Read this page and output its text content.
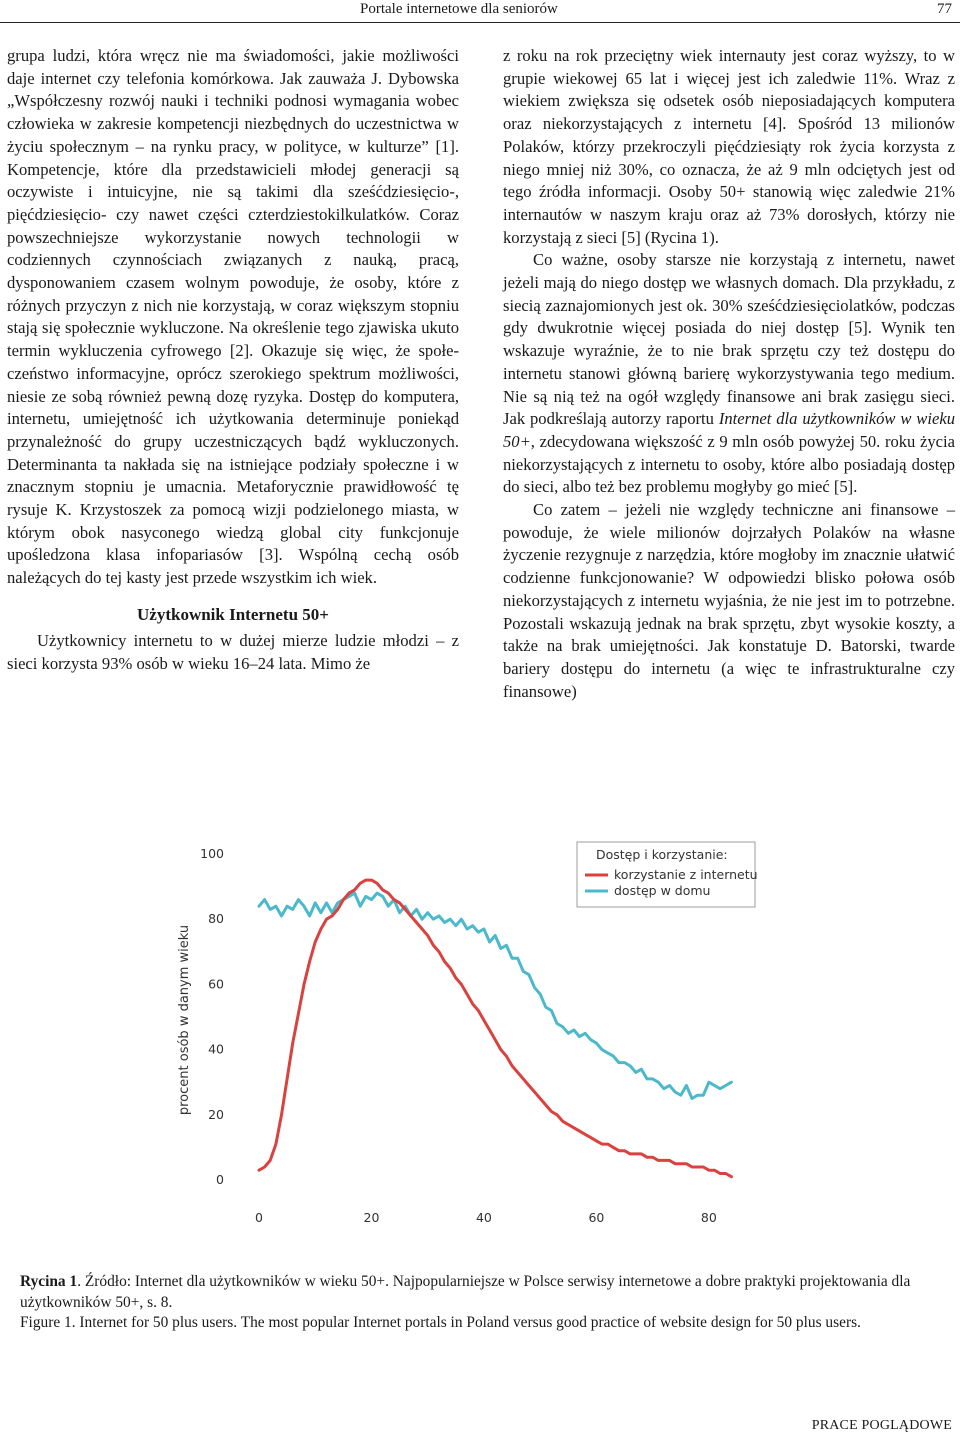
Portale internetowe dla seniorów	77

grupa ludzi, która wręcz nie ma świadomości, jakie możliwości daje internet czy telefonia komórkowa. Jak zauważa J. Dybowska „Współczesny rozwój nauki i techniki podnosi wymagania wobec człowieka w zakresie kompetencji niezbędnych do uczestnictwa w życiu społecznym – na rynku pracy, w polityce, w kulturze” [1]. Kompetencje, które dla przedstawicieli młodej generacji są oczywiste i intuicyjne, nie są takimi dla sześćdziesięcio-, pięćdziesięcio- czy nawet części czterdziestokilkulatków. Coraz powszechniejsze wykorzystanie nowych technologii w codziennych czynnościach związanych z nauką, pracą, dysponowaniem czasem wolnym powoduje, że osoby, które z różnych przyczyn z nich nie korzystają, w coraz większym stopniu stają się społecznie wykluczone. Na określenie tego zjawiska ukuto termin wykluczenia cyfrowego [2]. Okazuje się więc, że społeczeństwo informacyjne, oprócz szerokiego spektrum możliwości, niesie ze sobą również pewną dozę ryzyka. Dostęp do komputera, internetu, umiejętność ich użytkowania determinuje poniekąd przynależność do grupy uczestniczących bądź wykluczonych. Determinanta ta nakłada się na istniejące podziały społeczne i w znacznym stopniu je umacnia. Metaforycznie prawidłowość tę rysuje K. Krzystoszek za pomocą wizji podzielonego miasta, w którym obok nasyconego wiedzą global city funkcjonuje upośledzona klasa infopariasów [3]. Wspólną cechą osób należących do tej kasty jest przede wszystkim ich wiek.

Użytkownik Internetu 50+

Użytkownicy internetu to w dużej mierze ludzie młodzi – z sieci korzysta 93% osób w wieku 16–24 lata. Mimo że

z roku na rok przeciętny wiek internauty jest coraz wyższy, to w grupie wiekowej 65 lat i więcej jest ich zaledwie 11%. Wraz z wiekiem zwiększa się odsetek osób nieposiadających komputera oraz niekorzystających z internetu [4]. Spośród 13 milionów Polaków, którzy przekroczyli pięćdziesiąty rok życia korzysta z niego mniej niż 30%, co oznacza, że aż 9 mln odciętych jest od tego źródła informacji. Osoby 50+ stanowią więc zaledwie 21% internautów w naszym kraju oraz aż 73% dorosłych, którzy nie korzystają z sieci [5] (Rycina 1).

Co ważne, osoby starsze nie korzystają z internetu, nawet jeżeli mają do niego dostęp we własnych domach. Dla przykładu, z siecią zaznajomionych jest ok. 30% sześćdziesięciolatków, podczas gdy dwukrotnie więcej posiada do niej dostęp [5]. Wynik ten wskazuje wyraźnie, że to nie brak sprzętu czy też dostępu do internetu stanowi główną barierę wykorzystywania tego medium. Nie są nią też na ogół względy finansowe ani brak zasięgu sieci. Jak podkreślają autorzy raportu Internet dla użytkowników w wieku 50+, zdecydowana większość z 9 mln osób powyżej 50. roku życia niekorzystających z internetu to osoby, które albo posiadają dostęp do sieci, albo też bez problemu mogłyby go mieć [5].

Co zatem – jeżeli nie względy techniczne ani finansowe – powoduje, że wiele milionów dojrzałych Polaków na własne życzenie rezygnuje z narzędzia, które mogłoby im znacznie ułatwić codzienne funkcjonowanie? W odpowiedzi blisko połowa osób niekorzystających z internetu wyjaśnia, że nie jest im to potrzebne. Pozostali wskazują jednak na brak sprzętu, zbyt wysokie koszty, a także na brak umiejętności. Jak konstatuje D. Batorski, twarde bariery dostępu do internetu (a więc te infrastrukturalne czy finansowe)

0
20
40
60
80
100
0	20	40	60	80
procent osób w danym wieku
Dostęp i korzystanie:
korzystanie z internetu
dostęp w domu

Rycina 1. Źródło: Internet dla użytkowników w wieku 50+. Najpopularniejsze w Polsce serwisy internetowe a dobre praktyki projektowania dla użytkowników 50+, s. 8.

Figure 1. Internet for 50 plus users. The most popular Internet portals in Poland versus good practice of website design for 50 plus users.

PRACE POGLĄDOWE
